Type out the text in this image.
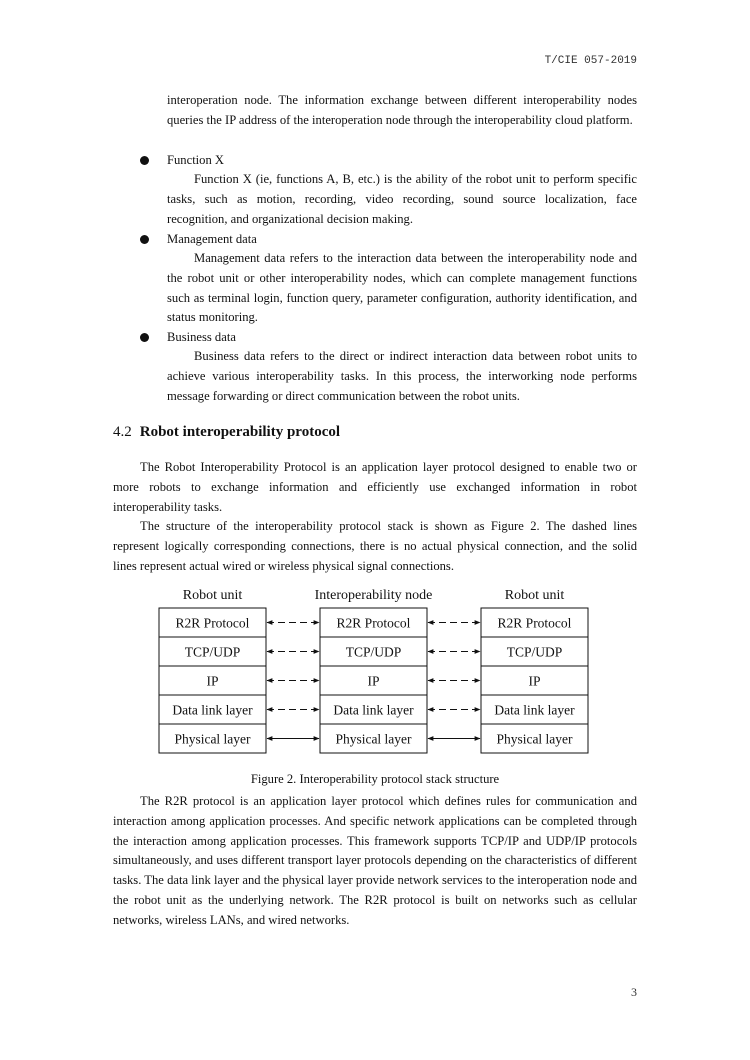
T/CIE 057-2019

interoperation node. The information exchange between different interoperability nodes queries the IP address of the interoperation node through the interoperability cloud platform.

Function X

Function X (ie, functions A, B, etc.) is the ability of the robot unit to perform specific tasks, such as motion, recording, video recording, sound source localization, face recognition, and organizational decision making.

Management data

Management data refers to the interaction data between the interoperability node and the robot unit or other interoperability nodes, which can complete management functions such as terminal login, function query, parameter configuration, authority identification, and status monitoring.

Business data

Business data refers to the direct or indirect interaction data between robot units to achieve various interoperability tasks. In this process, the interworking node performs message forwarding or direct communication between the robot units.

4.2 Robot interoperability protocol

The Robot Interoperability Protocol is an application layer protocol designed to enable two or more robots to exchange information and efficiently use exchanged information in robot interoperability tasks.

The structure of the interoperability protocol stack is shown as Figure 2. The dashed lines represent logically corresponding connections, there is no actual physical connection, and the solid lines represent actual wired or wireless physical signal connections.

Robot unit
R2R Protocol
TCP/UDP
IP
Data link layer
Physical layer
Interoperability node
R2R Protocol
TCP/UDP
IP
Data link layer
Physical layer
Robot unit
R2R Protocol
TCP/UDP
IP
Data link layer
Physical layer
Figure 2. Interoperability protocol stack structure

The R2R protocol is an application layer protocol which defines rules for communication and interaction among application processes. And specific network applications can be completed through the interaction among application processes. This framework supports TCP/IP and UDP/IP protocols simultaneously, and uses different transport layer protocols depending on the characteristics of different tasks. The data link layer and the physical layer provide network services to the interoperation node and the robot unit as the underlying network. The R2R protocol is built on networks such as cellular networks, wireless LANs, and wired networks.

3
